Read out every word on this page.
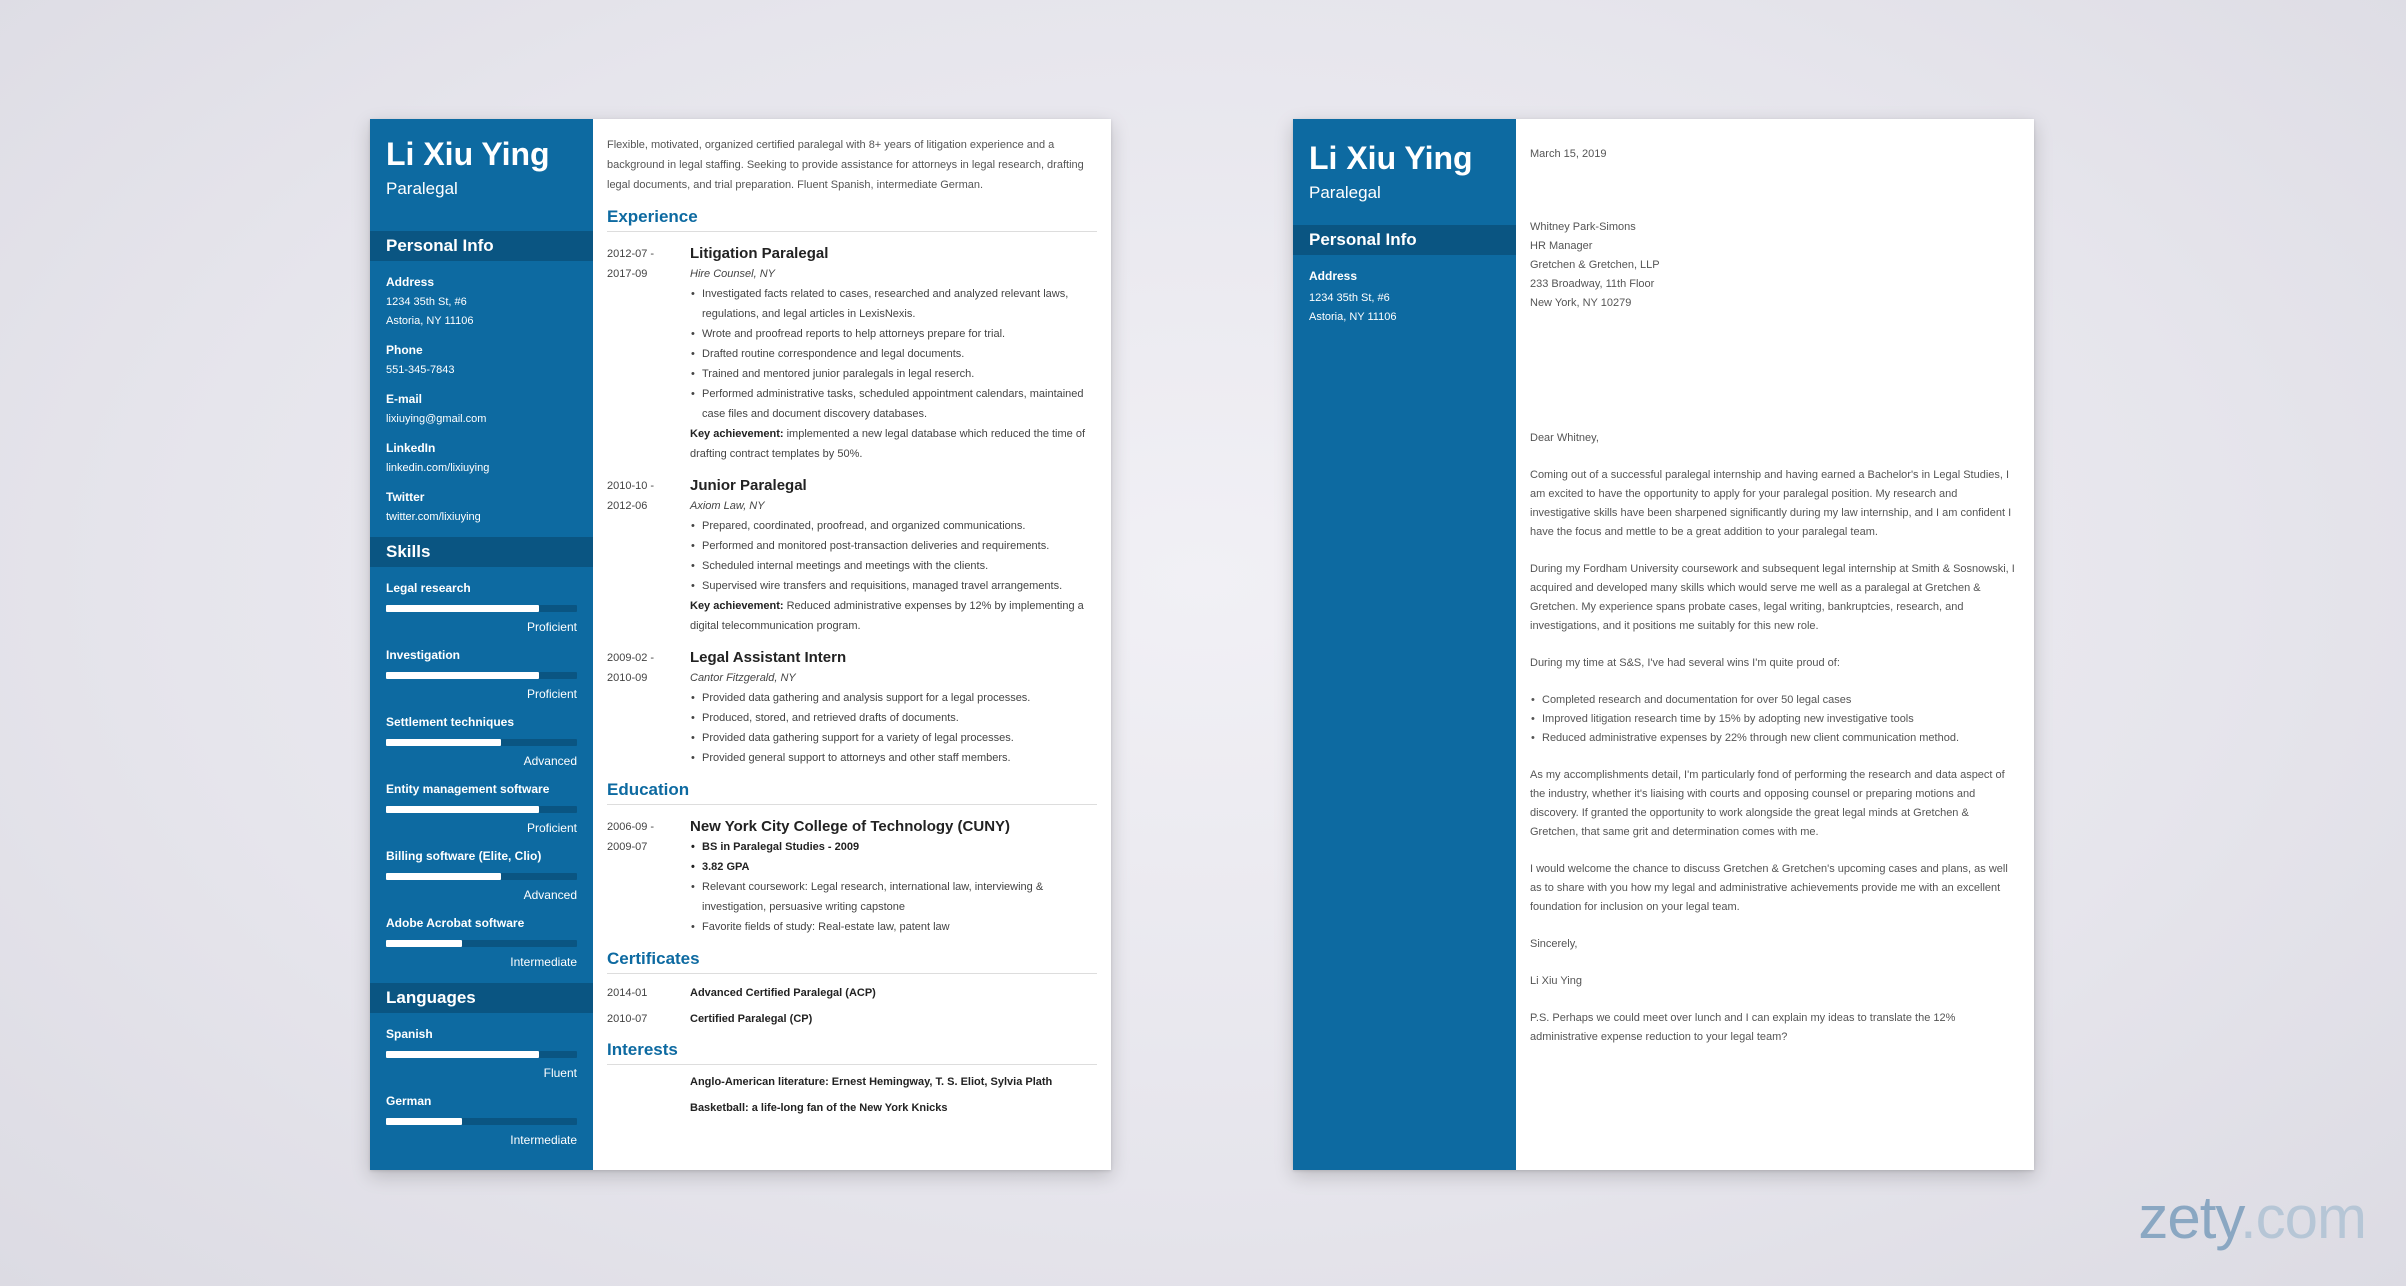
Li Xiu Ying
Paralegal
Personal Info
Address
1234 35th St, #6
Astoria, NY 11106
Phone
551-345-7843
E-mail
lixiuying@gmail.com
LinkedIn
linkedin.com/lixiuying
Twitter
twitter.com/lixiuying
Skills
Legal research
Proficient
Investigation
Proficient
Settlement techniques
Advanced
Entity management software
Proficient
Billing software (Elite, Clio)
Advanced
Adobe Acrobat software
Intermediate
Languages
Spanish
Fluent
German
Intermediate
Flexible, motivated, organized certified paralegal with 8+ years of litigation experience and a background in legal staffing. Seeking to provide assistance for attorneys in legal research, drafting legal documents, and trial preparation. Fluent Spanish, intermediate German.
Experience
2012-07 -
2017-09
Litigation Paralegal
Hire Counsel, NY
• Investigated facts related to cases, researched and analyzed relevant laws, regulations, and legal articles in LexisNexis.
• Wrote and proofread reports to help attorneys prepare for trial.
• Drafted routine correspondence and legal documents.
• Trained and mentored junior paralegals in legal reserch.
• Performed administrative tasks, scheduled appointment calendars, maintained case files and document discovery databases.
Key achievement: implemented a new legal database which reduced the time of drafting contract templates by 50%.
2010-10 -
2012-06
Junior Paralegal
Axiom Law, NY
• Prepared, coordinated, proofread, and organized communications.
• Performed and monitored post-transaction deliveries and requirements.
• Scheduled internal meetings and meetings with the clients.
• Supervised wire transfers and requisitions, managed travel arrangements.
Key achievement: Reduced administrative expenses by 12% by implementing a digital telecommunication program.
2009-02 -
2010-09
Legal Assistant Intern
Cantor Fitzgerald, NY
• Provided data gathering and analysis support for a legal processes.
• Produced, stored, and retrieved drafts of documents.
• Provided data gathering support for a variety of legal processes.
• Provided general support to attorneys and other staff members.
Education
2006-09 -
2009-07
New York City College of Technology (CUNY)
• BS in Paralegal Studies - 2009
• 3.82 GPA
• Relevant coursework: Legal research, international law, interviewing & investigation, persuasive writing capstone
• Favorite fields of study: Real-estate law, patent law
Certificates
2014-01	Advanced Certified Paralegal (ACP)
2010-07	Certified Paralegal (CP)
Interests
Anglo-American literature: Ernest Hemingway, T. S. Eliot, Sylvia Plath
Basketball: a life-long fan of the New York Knicks
Li Xiu Ying
Paralegal
Personal Info
Address
1234 35th St, #6
Astoria, NY 11106

March 15, 2019

Whitney Park-Simons
HR Manager
Gretchen & Gretchen, LLP
233 Broadway, 11th Floor
New York, NY 10279

Dear Whitney,

Coming out of a successful paralegal internship and having earned a Bachelor's in Legal Studies, I am excited to have the opportunity to apply for your paralegal position. My research and investigative skills have been sharpened significantly during my law internship, and I am confident I have the focus and mettle to be a great addition to your paralegal team.

During my Fordham University coursework and subsequent legal internship at Smith & Sosnowski, I acquired and developed many skills which would serve me well as a paralegal at Gretchen & Gretchen. My experience spans probate cases, legal writing, bankruptcies, research, and investigations, and it positions me suitably for this new role.

During my time at S&S, I've had several wins I'm quite proud of:

• Completed research and documentation for over 50 legal cases
• Improved litigation research time by 15% by adopting new investigative tools
• Reduced administrative expenses by 22% through new client communication method.

As my accomplishments detail, I'm particularly fond of performing the research and data aspect of the industry, whether it's liaising with courts and opposing counsel or preparing motions and discovery. If granted the opportunity to work alongside the great legal minds at Gretchen & Gretchen, that same grit and determination comes with me.

I would welcome the chance to discuss Gretchen & Gretchen's upcoming cases and plans, as well as to share with you how my legal and administrative achievements provide me with an excellent foundation for inclusion on your legal team.

Sincerely,

Li Xiu Ying

P.S. Perhaps we could meet over lunch and I can explain my ideas to translate the 12% administrative expense reduction to your legal team?

zety.com
